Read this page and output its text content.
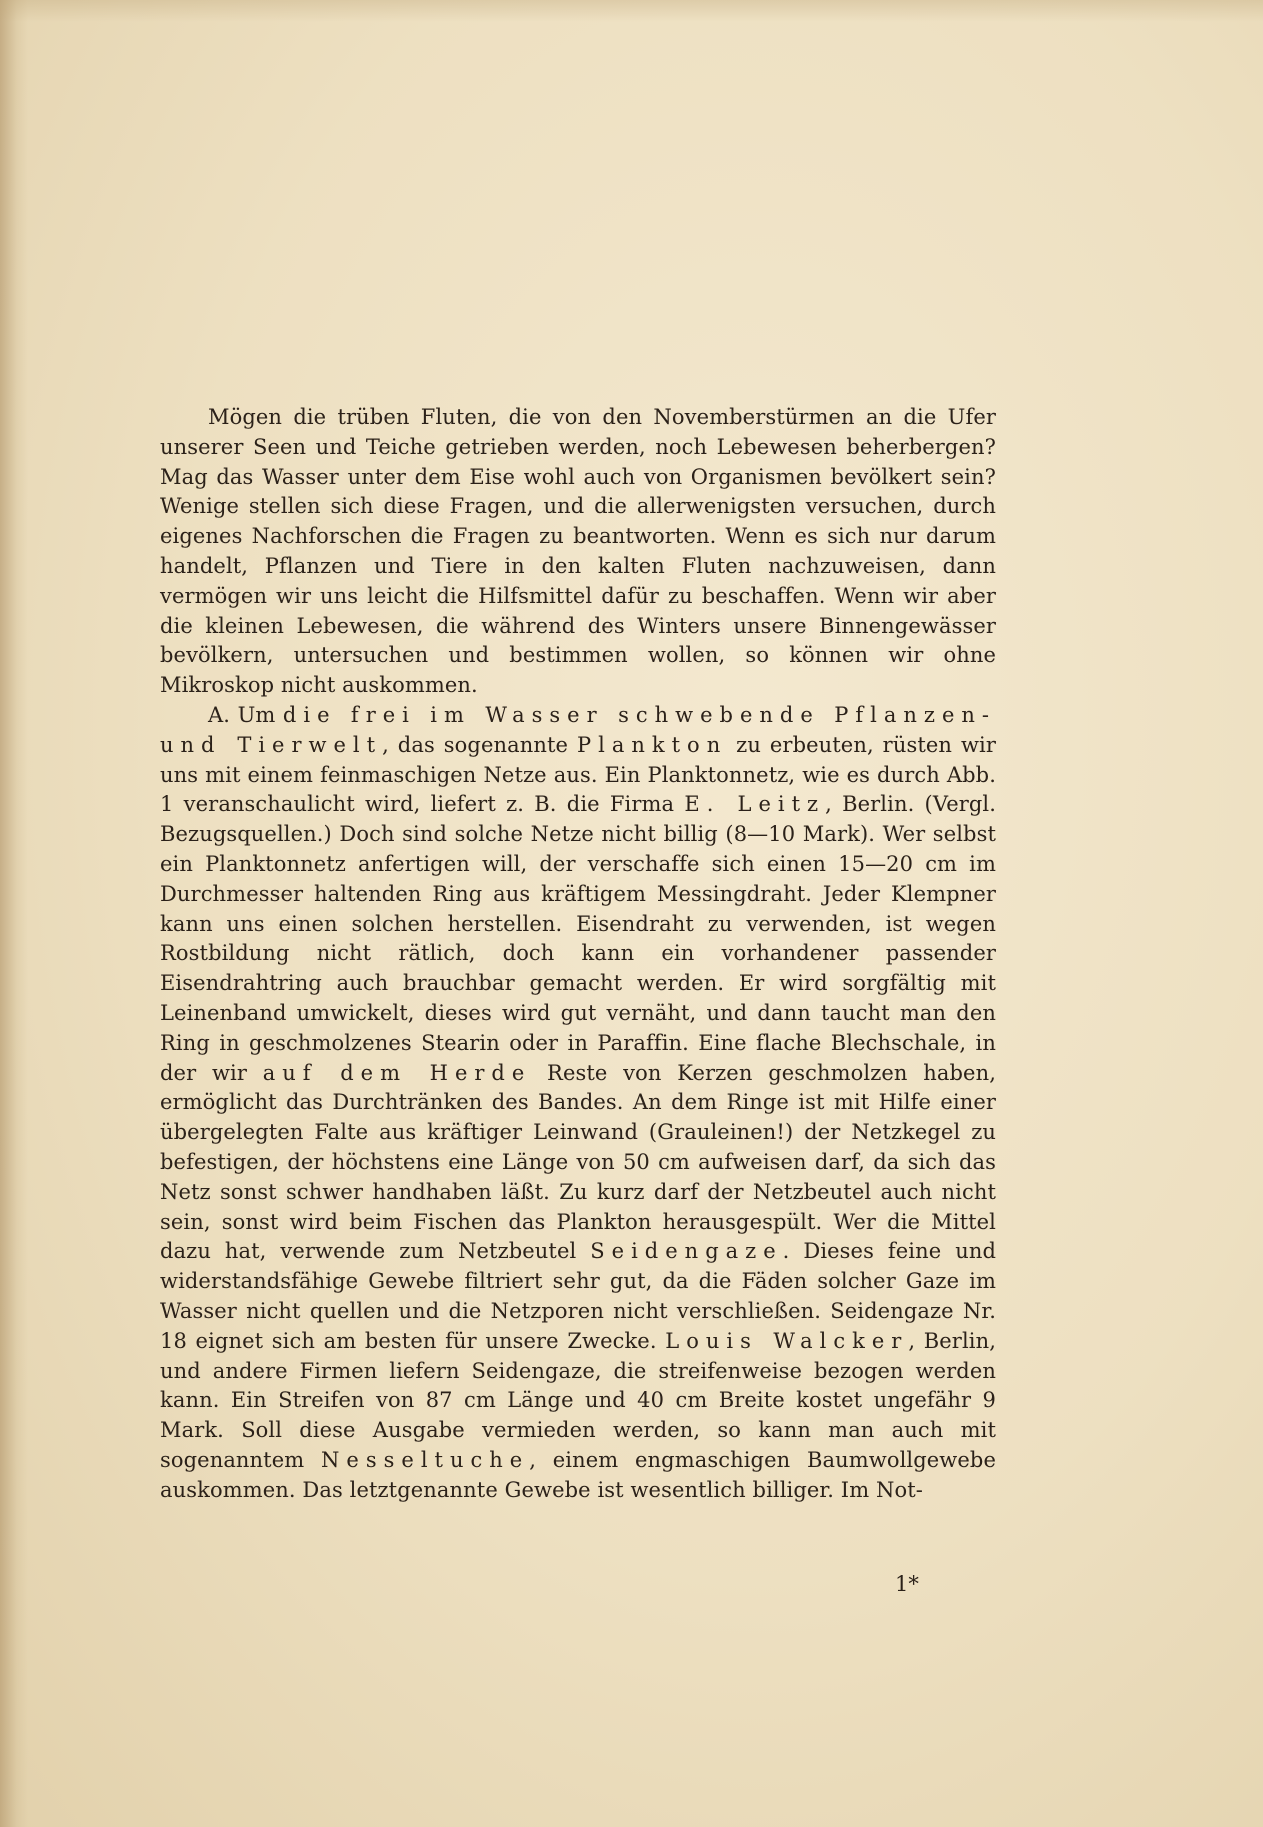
Mögen die trüben Fluten, die von den Novemberstürmen an die Ufer unserer Seen und Teiche getrieben werden, noch Lebewesen beherbergen? Mag das Wasser unter dem Eise wohl auch von Organismen bevölkert sein? Wenige stellen sich diese Fragen, und die allerwenigsten versuchen, durch eigenes Nachforschen die Fragen zu beantworten. Wenn es sich nur darum handelt, Pflanzen und Tiere in den kalten Fluten nachzuweisen, dann vermögen wir uns leicht die Hilfsmittel dafür zu beschaffen. Wenn wir aber die kleinen Lebewesen, die während des Winters unsere Binnengewässer bevölkern, untersuchen und bestimmen wollen, so können wir ohne Mikroskop nicht auskommen.

A. Um die frei im Wasser schwebende Pflanzen- und Tierwelt, das sogenannte Plankton zu erbeuten, rüsten wir uns mit einem feinmaschigen Netze aus. Ein Planktonnetz, wie es durch Abb. 1 veranschaulicht wird, liefert z. B. die Firma E. Leitz, Berlin. (Vergl. Bezugsquellen.) Doch sind solche Netze nicht billig (8—10 Mark). Wer selbst ein Planktonnetz anfertigen will, der verschaffe sich einen 15—20 cm im Durchmesser haltenden Ring aus kräftigem Messingdraht. Jeder Klempner kann uns einen solchen herstellen. Eisendraht zu verwenden, ist wegen Rostbildung nicht rätlich, doch kann ein vorhandener passender Eisendrahtring auch brauchbar gemacht werden. Er wird sorgfältig mit Leinenband umwickelt, dieses wird gut vernäht, und dann taucht man den Ring in geschmolzenes Stearin oder in Paraffin. Eine flache Blechschale, in der wir auf dem Herde Reste von Kerzen geschmolzen haben, ermöglicht das Durchtränken des Bandes. An dem Ringe ist mit Hilfe einer übergelegten Falte aus kräftiger Leinwand (Grauleinen!) der Netzkegel zu befestigen, der höchstens eine Länge von 50 cm aufweisen darf, da sich das Netz sonst schwer handhaben läßt. Zu kurz darf der Netzbeutel auch nicht sein, sonst wird beim Fischen das Plankton herausgespült. Wer die Mittel dazu hat, verwende zum Netzbeutel Seidengaze. Dieses feine und widerstandsfähige Gewebe filtriert sehr gut, da die Fäden solcher Gaze im Wasser nicht quellen und die Netzporen nicht verschließen. Seidengaze Nr. 18 eignet sich am besten für unsere Zwecke. Louis Walcker, Berlin, und andere Firmen liefern Seidengaze, die streifenweise bezogen werden kann. Ein Streifen von 87 cm Länge und 40 cm Breite kostet ungefähr 9 Mark. Soll diese Ausgabe vermieden werden, so kann man auch mit sogenanntem Nesseltuche, einem engmaschigen Baumwollgewebe auskommen. Das letztgenannte Gewebe ist wesentlich billiger. Im Not-

1*
